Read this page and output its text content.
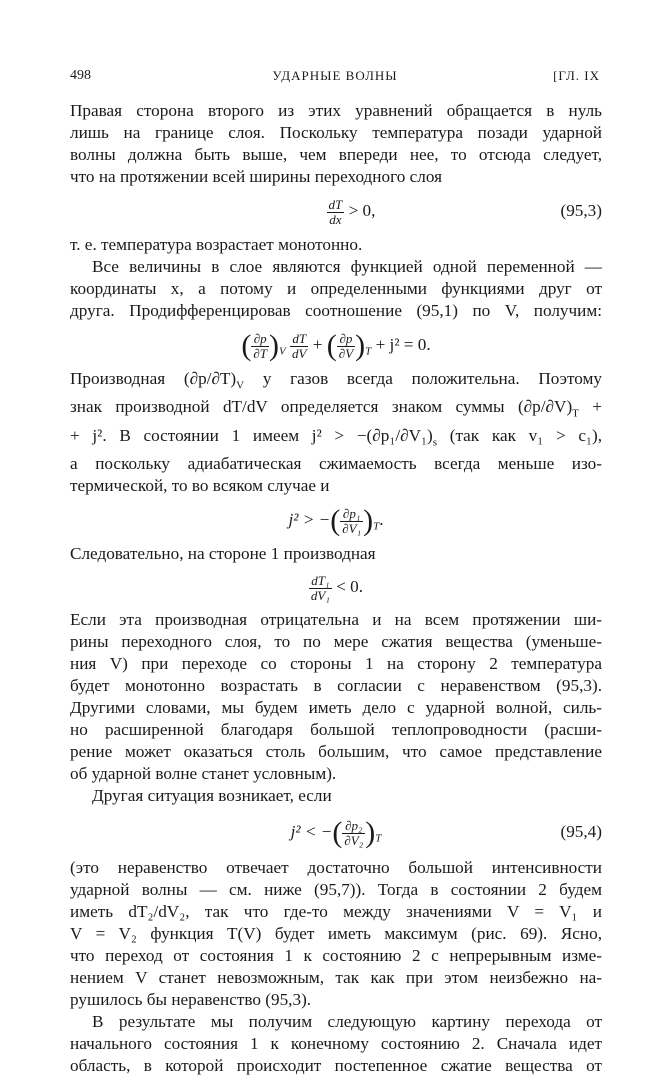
498	УДАРНЫЕ ВОЛНЫ	[ГЛ. IX
Правая сторона второго из этих уравнений обращается в нуль
лишь на границе слоя. Поскольку температура позади ударной
волны должна быть выше, чем впереди нее, то отсюда следует,
что на протяжении всей ширины переходного слоя
$\frac{dT}{dx} > 0$,	(95,3)
т. е. температура возрастает монотонно.
Все величины в слое являются функцией одной переменной —
координаты x, а потому и определенными функциями друг от
друга. Продифференцировав соотношение (95,1) по V, получим:
( $\frac{\partial p}{\partial T} )_V \frac{dT}{dV}$ + ( $\frac{\partial p}{\partial V} )_T + j^2 = 0$.
Производная $(\partial p/\partial T)_V$ у газов всегда положительна. Поэтому
знак производной dT/dV определяется знаком суммы $(\partial p/\partial V)_T$ +
+ j². В состоянии 1 имеем $j^2 > -(\partial p_1/\partial V_1)_s$ (так как v₁ > c₁),
а поскольку адиабатическая сжимаемость всегда меньше изо-
термической, то во всяком случае и
j² > −( $\frac{\text{∂p₁}}{\text{∂V₁}} )_T$.
Следовательно, на стороне 1 производная
$\frac{\text{dT₁}}{\text{dV₁}} < 0$.
Если эта производная отрицательна и на всем протяжении ши-
рины переходного слоя, то по мере сжатия вещества (уменьше-
ния V) при переходе со стороны 1 на сторону 2 температура
будет монотонно возрастать в согласии с неравенством (95,3).
Другими словами, мы будем иметь дело с ударной волной, силь-
но расширенной благодаря большой теплопроводности (расши-
рение может оказаться столь большим, что самое представление
об ударной волне станет условным).
Другая ситуация возникает, если
j² < −( $\frac{\text{∂p₂}}{\text{∂V₂}} )_T$	(95,4)
(это неравенство отвечает достаточно большой интенсивности
ударной волны — см. ниже (95,7)). Тогда в состоянии 2 будем
иметь dT₂/dV₂, так что где-то между значениями V = V₁ и
V = V₂ функция T(V) будет иметь максимум (рис. 69). Ясно,
что переход от состояния 1 к состоянию 2 с непрерывным изме-
нением V станет невозможным, так как при этом неизбежно на-
рушилось бы неравенство (95,3).
В результате мы получим следующую картину перехода от
начального состояния 1 к конечному состоянию 2. Сначала идет
область, в которой происходит постепенное сжатие вещества от
